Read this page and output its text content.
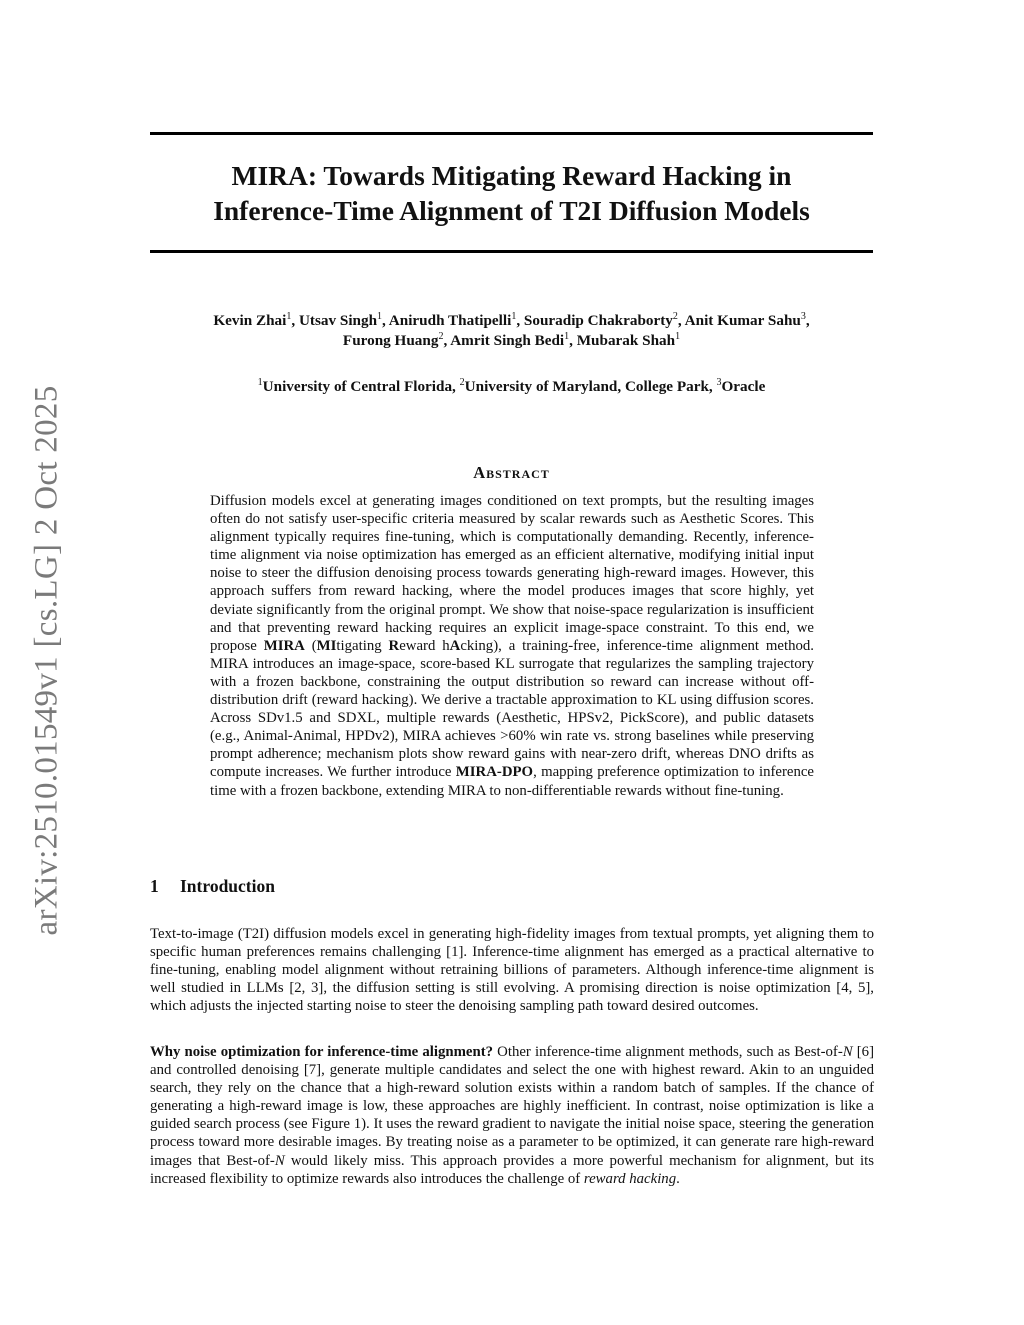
arXiv:2510.01549v1 [cs.LG] 2 Oct 2025
MIRA: Towards Mitigating Reward Hacking in
Inference-Time Alignment of T2I Diffusion Models
Kevin Zhai$^1$, Utsav Singh$^1$, Anirudh Thatipelli$^1$, Souradip Chakraborty$^2$, Anit Kumar Sahu$^3$,
Furong Huang$^2$, Amrit Singh Bedi$^1$, Mubarak Shah$^1$
$^1$University of Central Florida, $^2$University of Maryland, College Park, $^3$Oracle
Abstract

Diffusion models excel at generating images conditioned on text prompts, but the resulting images often do not satisfy user-specific criteria measured by scalar rewards such as Aesthetic Scores. This alignment typically requires fine-tuning, which is computationally demanding. Recently, inference-time alignment via noise optimization has emerged as an efficient alternative, modifying initial input noise to steer the diffusion denoising process towards generating high-reward images. However, this approach suffers from reward hacking, where the model produces images that score highly, yet deviate significantly from the original prompt. We show that noise-space regularization is insufficient and that preventing reward hacking requires an explicit image-space constraint. To this end, we propose MIRA (MItigating Reward hAcking), a training-free, inference-time alignment method. MIRA introduces an image-space, score-based KL surrogate that regularizes the sampling trajectory with a frozen backbone, constraining the output distribution so reward can increase without off-distribution drift (reward hacking). We derive a tractable approximation to KL using diffusion scores. Across SDv1.5 and SDXL, multiple rewards (Aesthetic, HPSv2, PickScore), and public datasets (e.g., Animal-Animal, HPDv2), MIRA achieves >60% win rate vs. strong baselines while preserving prompt adherence; mechanism plots show reward gains with near-zero drift, whereas DNO drifts as compute increases. We further introduce MIRA-DPO, mapping preference optimization to inference time with a frozen backbone, extending MIRA to non-differentiable rewards without fine-tuning.

1 Introduction

Text-to-image (T2I) diffusion models excel in generating high-fidelity images from textual prompts, yet aligning them to specific human preferences remains challenging [1]. Inference-time alignment has emerged as a practical alternative to fine-tuning, enabling model alignment without retraining billions of parameters. Although inference-time alignment is well studied in LLMs [2, 3], the diffusion setting is still evolving. A promising direction is noise optimization [4, 5], which adjusts the injected starting noise to steer the denoising sampling path toward desired outcomes.

Why noise optimization for inference-time alignment? Other inference-time alignment methods, such as Best-of-N [6] and controlled denoising [7], generate multiple candidates and select the one with highest reward. Akin to an unguided search, they rely on the chance that a high-reward solution exists within a random batch of samples. If the chance of generating a high-reward image is low, these approaches are highly inefficient. In contrast, noise optimization is like a guided search process (see Figure 1). It uses the reward gradient to navigate the initial noise space, steering the generation process toward more desirable images. By treating noise as a parameter to be optimized, it can generate rare high-reward images that Best-of-N would likely miss. This approach provides a more powerful mechanism for alignment, but its increased flexibility to optimize rewards also introduces the challenge of reward hacking.
